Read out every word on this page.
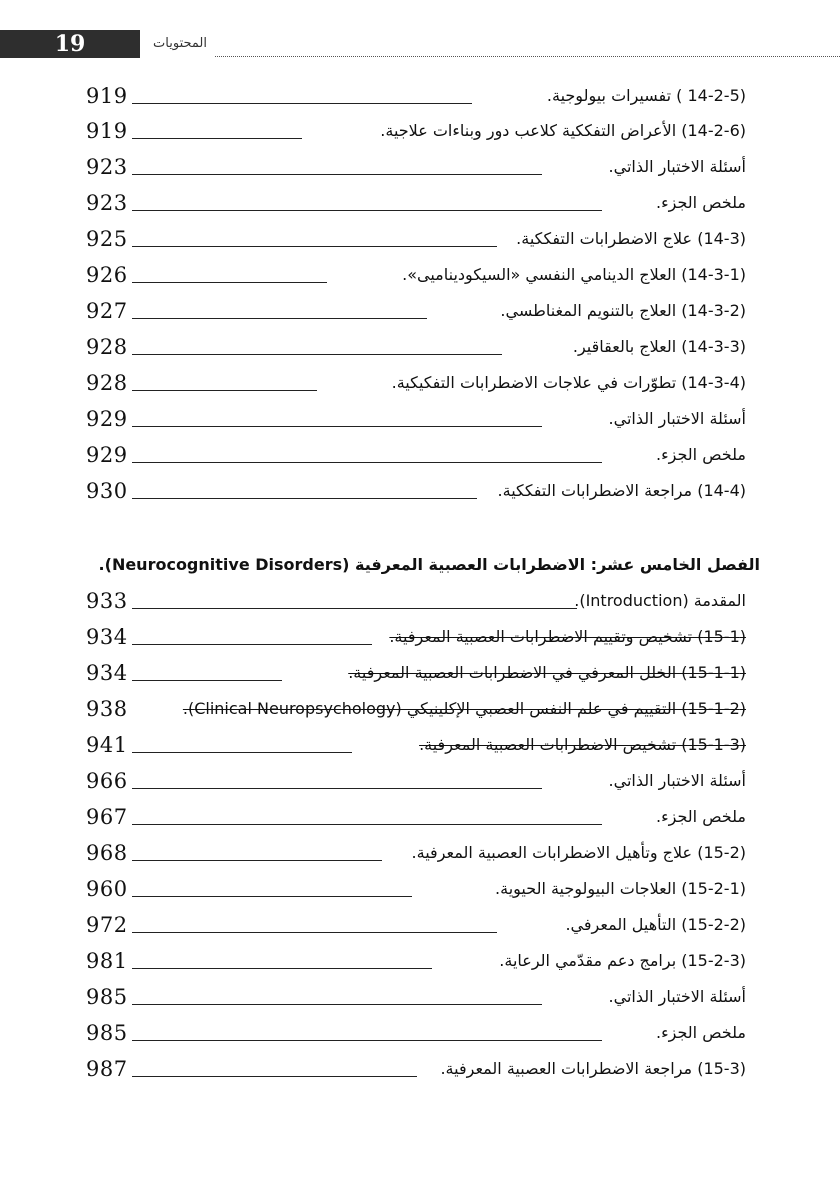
19	المحتويات
919	(14-2-5 ) تفسيرات بيولوجية.
919	(14-2-6) الأعراض التفككية كلاعب دور وبناءات علاجية.
923	أسئلة الاختبار الذاتي.
923	ملخص الجزء.
925	(14-3) علاج الاضطرابات التفككية.
926	(14-3-1) العلاج الدينامي النفسي «السيكوديناميى».
927	(14-3-2) العلاج بالتنويم المغناطسي.
928	(14-3-3) العلاج بالعقاقير.
928	(14-3-4) تطوّرات في علاجات الاضطرابات التفكيكية.
929	أسئلة الاختبار الذاتي.
929	ملخص الجزء.
930	(14-4) مراجعة الاضطرابات التفككية.
الفصل الخامس عشر: الاضطرابات العصبية المعرفية (Neurocognitive Disorders).
933	المقدمة (Introduction).
934	(15-1) تشخيص وتقييم الاضطرابات العصبية المعرفية.
934	(15-1-1) الخلل المعرفي في الاضطرابات العصبية المعرفية.
938	(15-1-2) التقييم في علم النفس العصبي الإكلينيكي (Clinical Neuropsychology).
941	(15-1-3) تشخيص الاضطرابات العصبية المعرفية.
966	أسئلة الاختبار الذاتي.
967	ملخص الجزء.
968	(15-2) علاج وتأهيل الاضطرابات العصبية المعرفية.
960	(15-2-1) العلاجات البيولوجية الحيوية.
972	(15-2-2) التأهيل المعرفي.
981	(15-2-3) برامج دعم مقدّمي الرعاية.
985	أسئلة الاختبار الذاتي.
985	ملخص الجزء.
987	(15-3) مراجعة الاضطرابات العصبية المعرفية.
